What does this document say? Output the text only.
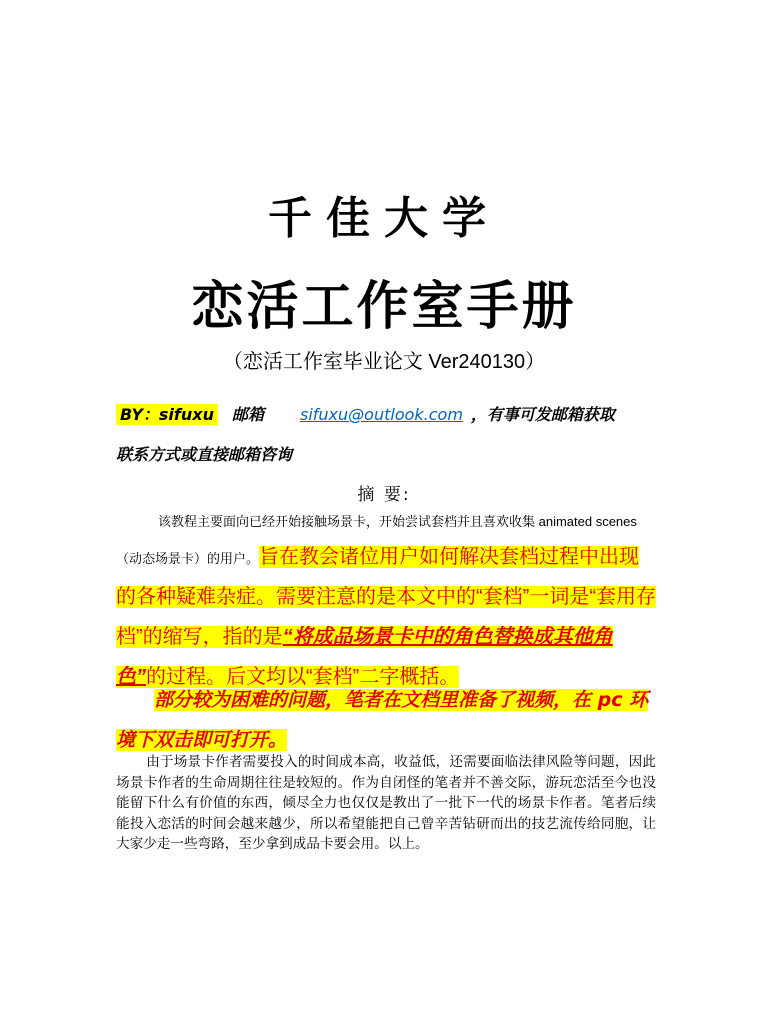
千佳大学
恋活工作室手册
（恋活工作室毕业论文 Ver240130）
BY：sifuxu 邮箱 sifuxu@outlook.com ，有事可发邮箱获取
联系方式或直接邮箱咨询
摘 要:
该教程主要面向已经开始接触场景卡，开始尝试套档并且喜欢收集 animated scenes（动态场景卡）的用户。旨在教会诸位用户如何解决套档过程中出现的各种疑难杂症。需要注意的是本文中的“套档”一词是“套用存档”的缩写，指的是“将成品场景卡中的角色替换成其他角色”的过程。后文均以“套档”二字概括。
部分较为困难的问题，笔者在文档里准备了视频，在 pc 环境下双击即可打开。
由于场景卡作者需要投入的时间成本高，收益低，还需要面临法律风险等问题，因此场景卡作者的生命周期往往是较短的。作为自闭怪的笔者并不善交际，游玩恋活至今也没能留下什么有价值的东西，倾尽全力也仅仅是教出了一批下一代的场景卡作者。笔者后续能投入恋活的时间会越来越少，所以希望能把自己曾辛苦钻研而出的技艺流传给同胞，让大家少走一些弯路，至少拿到成品卡要会用。以上。
